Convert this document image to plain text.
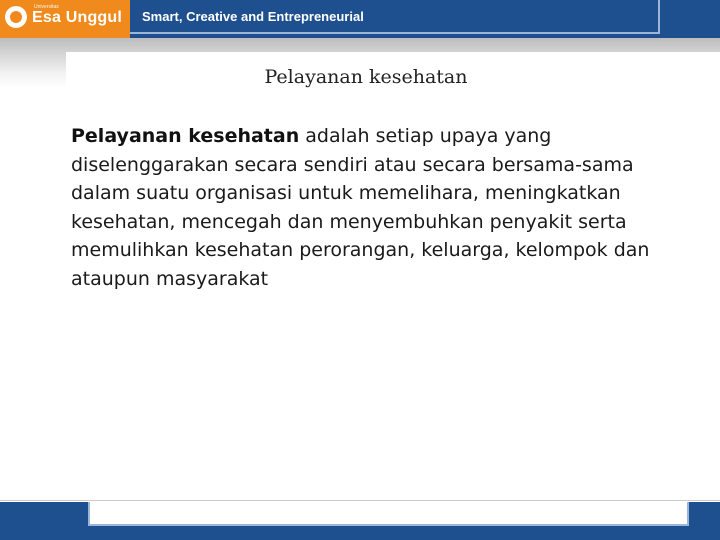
Universitas
Esa Unggul Smart, Creative and Entrepreneurial
Pelayanan kesehatan
Pelayanan kesehatan adalah setiap upaya yang diselenggarakan secara sendiri atau secara bersama-sama dalam suatu organisasi untuk memelihara, meningkatkan kesehatan, mencegah dan menyembuhkan penyakit serta memulihkan kesehatan perorangan, keluarga, kelompok dan ataupun masyarakat
